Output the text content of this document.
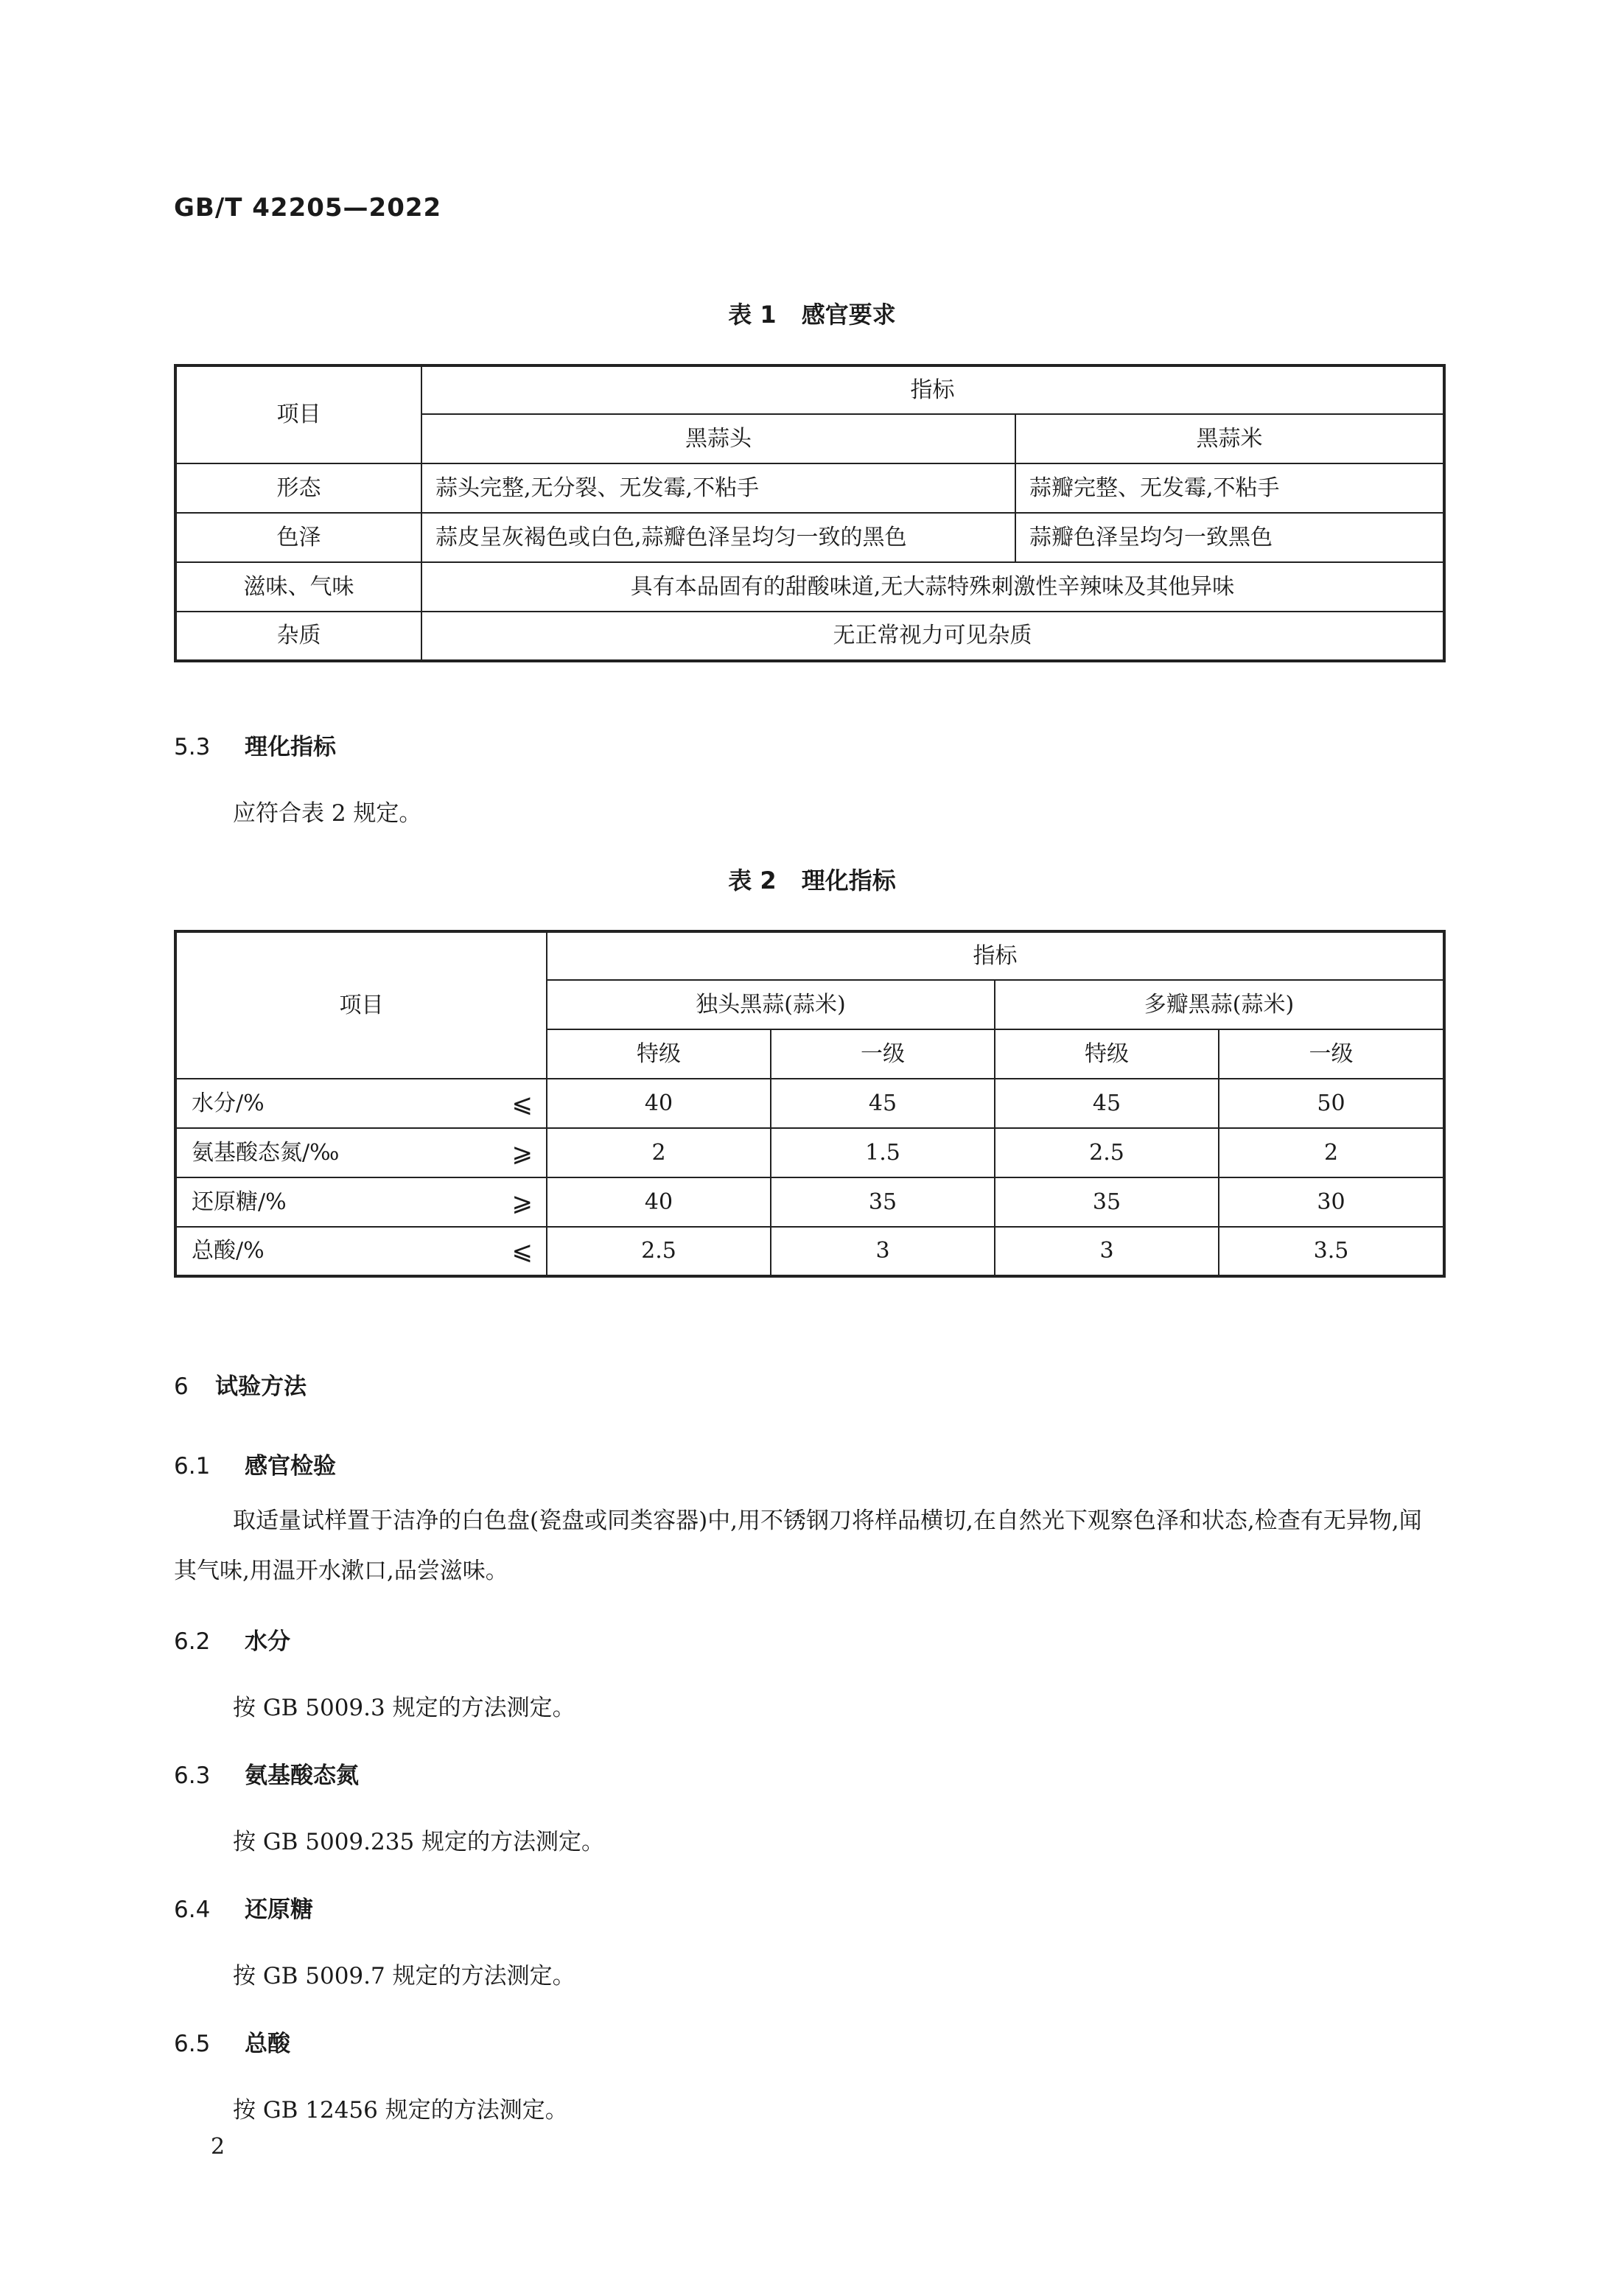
GB/T 42205—2022
表 1 感官要求
项目	指标	
	黑蒜头	黑蒜米
形态	蒜头完整,无分裂、无发霉,不粘手	蒜瓣完整、无发霉,不粘手
色泽	蒜皮呈灰褐色或白色,蒜瓣色泽呈均匀一致的黑色	蒜瓣色泽呈均匀一致黑色
滋味、气味	具有本品固有的甜酸味道,无大蒜特殊刺激性辛辣味及其他异味	
杂质	无正常视力可见杂质	
5.3 理化指标
应符合表 2 规定。
表 2 理化指标
项目	指标			
	独头黑蒜(蒜米)		多瓣黑蒜(蒜米)	
	特级	一级	特级	一级
水分/% ⩽	40	45	45	50
氨基酸态氮/‰ ⩾	2	1.5	2.5	2
还原糖/% ⩾	40	35	35	30
总酸/% ⩽	2.5	3	3	3.5
6 试验方法
6.1 感官检验
取适量试样置于洁净的白色盘(瓷盘或同类容器)中,用不锈钢刀将样品横切,在自然光下观察色泽和状态,检查有无异物,闻其气味,用温开水漱口,品尝滋味。
6.2 水分
按 GB 5009.3 规定的方法测定。
6.3 氨基酸态氮
按 GB 5009.235 规定的方法测定。
6.4 还原糖
按 GB 5009.7 规定的方法测定。
6.5 总酸
按 GB 12456 规定的方法测定。
2
